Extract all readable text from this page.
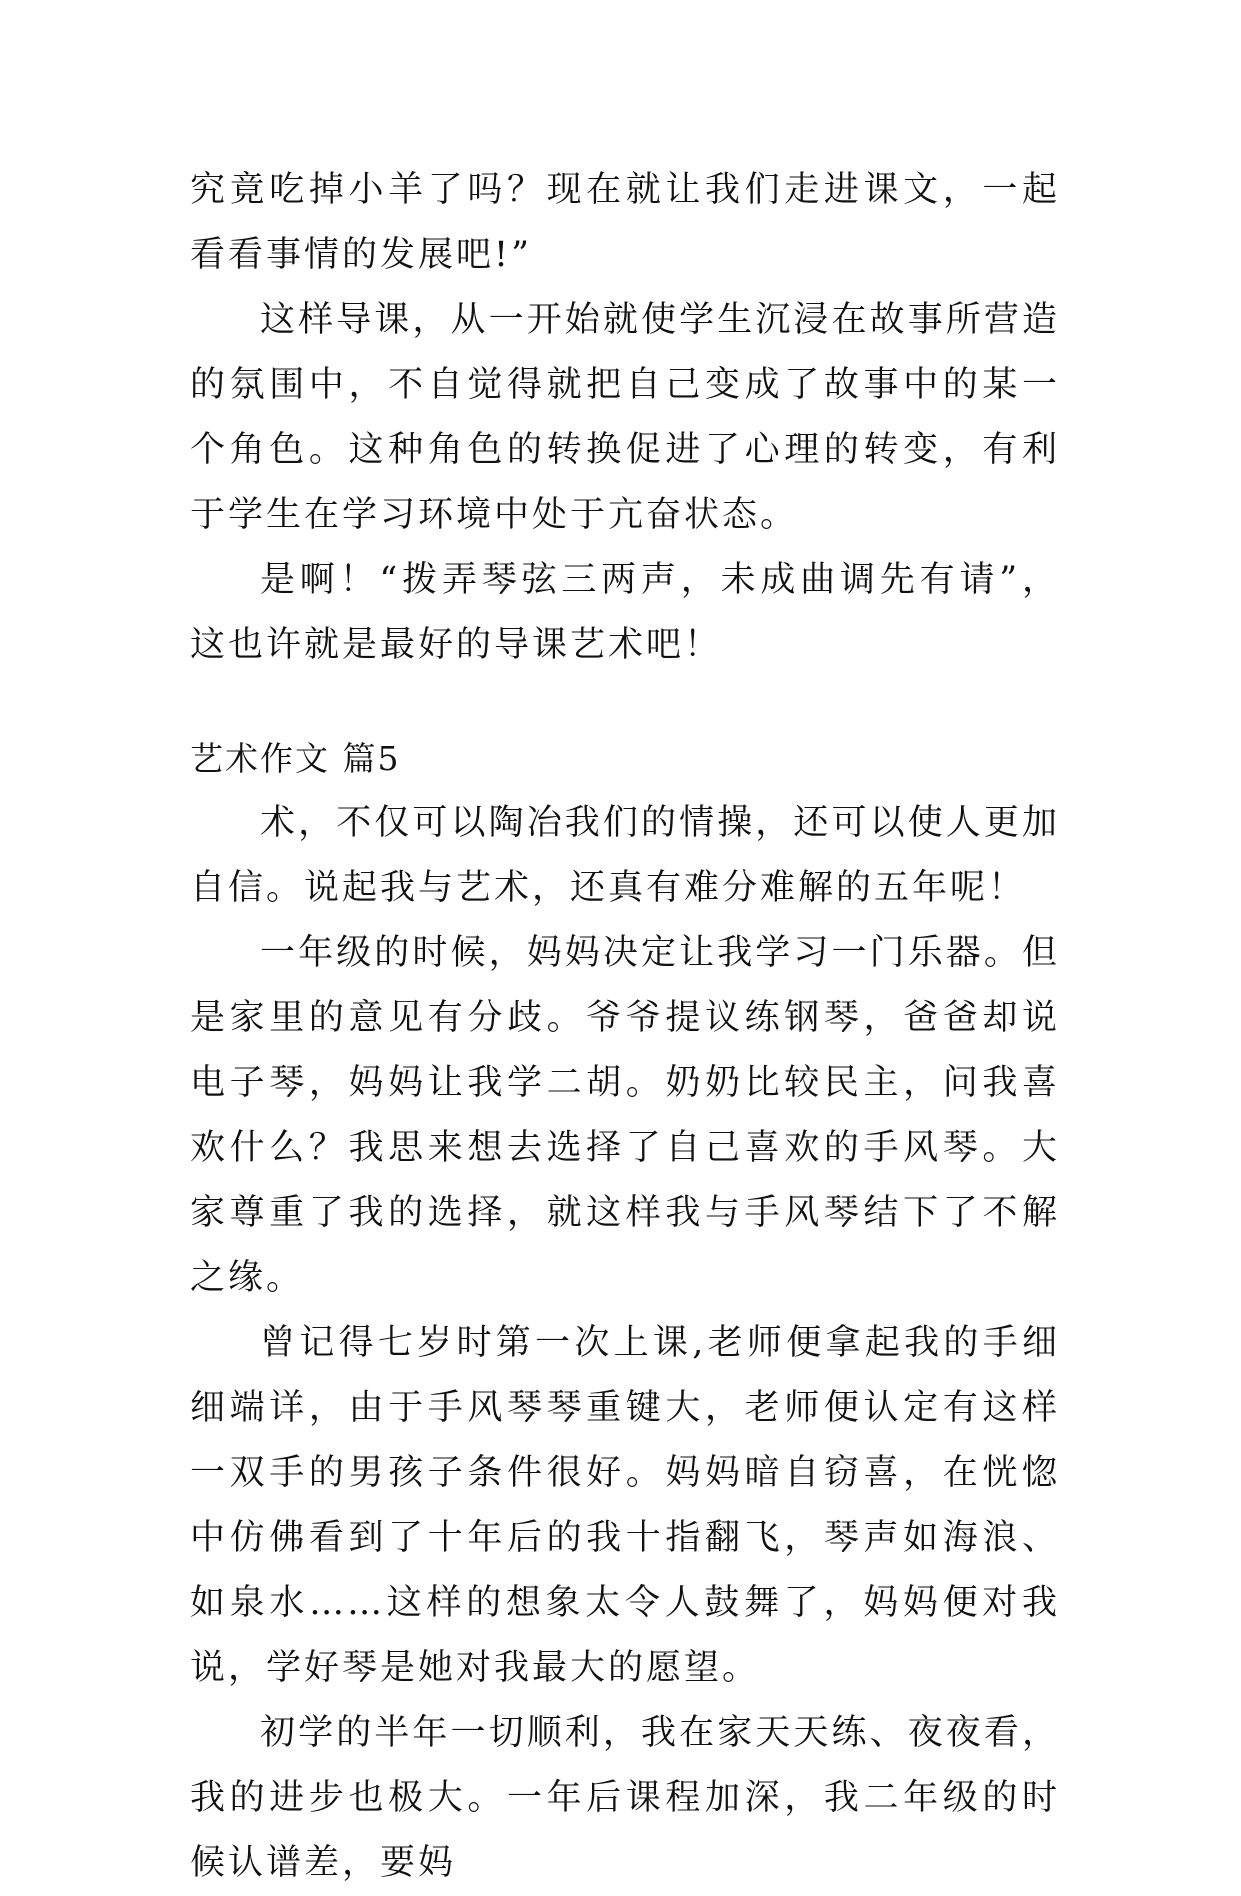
究竟吃掉小羊了吗？现在就让我们走进课文，一起看看事情的发展吧!”

这样导课，从一开始就使学生沉浸在故事所营造的氛围中，不自觉得就把自己变成了故事中的某一个角色。这种角色的转换促进了心理的转变，有利于学生在学习环境中处于亢奋状态。

是啊！“拨弄琴弦三两声，未成曲调先有请”，这也许就是最好的导课艺术吧！

艺术作文 篇5

术，不仅可以陶冶我们的情操，还可以使人更加自信。说起我与艺术，还真有难分难解的五年呢！

一年级的时候，妈妈决定让我学习一门乐器。但是家里的意见有分歧。爷爷提议练钢琴，爸爸却说电子琴，妈妈让我学二胡。奶奶比较民主，问我喜欢什么？我思来想去选择了自己喜欢的手风琴。大家尊重了我的选择，就这样我与手风琴结下了不解之缘。

曾记得七岁时第一次上课,老师便拿起我的手细细端详，由于手风琴琴重键大，老师便认定有这样一双手的男孩子条件很好。妈妈暗自窃喜，在恍惚中仿佛看到了十年后的我十指翻飞，琴声如海浪、如泉水……这样的想象太令人鼓舞了，妈妈便对我说，学好琴是她对我最大的愿望。

初学的半年一切顺利，我在家天天练、夜夜看，我的进步也极大。一年后课程加深，我二年级的时候认谱差，要妈
